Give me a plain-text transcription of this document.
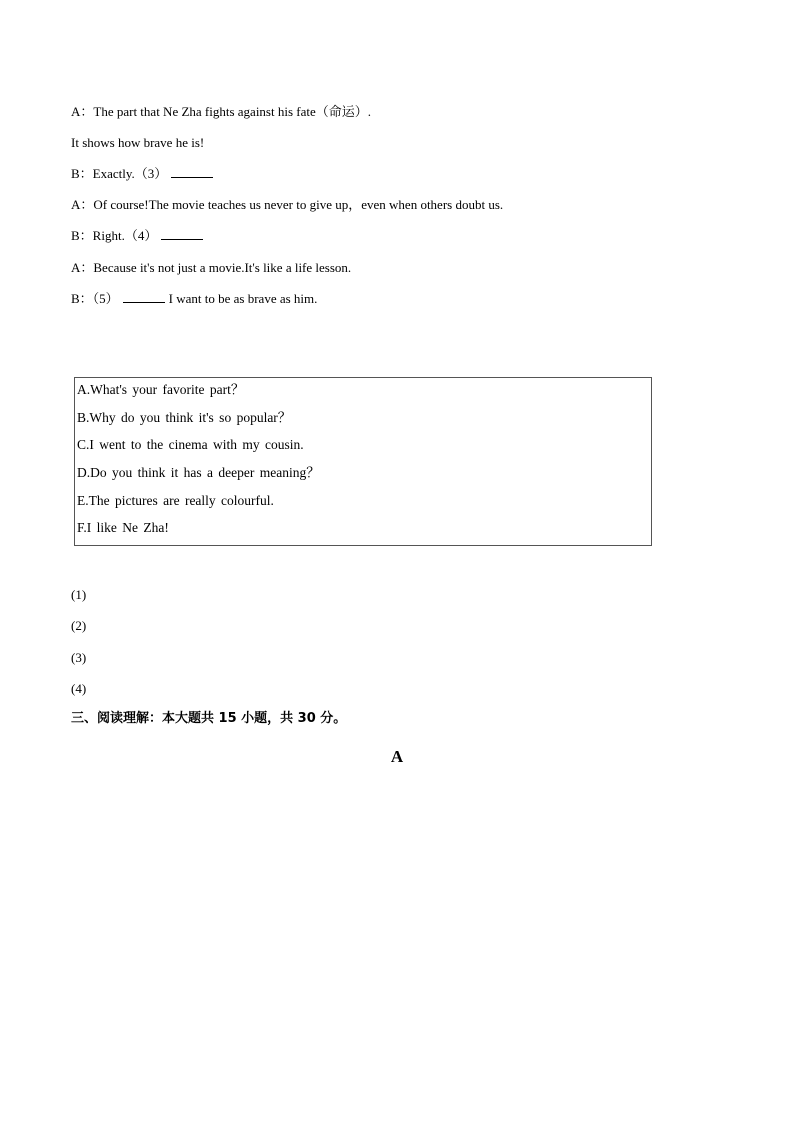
A：The part that Ne Zha fights against his fate（命运）.
It shows how brave he is!
B：Exactly.（3）
A：Of course!The movie teaches us never to give up，even when others doubt us.
B：Right.（4）
A：Because it's not just a movie.It's like a life lesson.
B：（5）	I want to be as brave as him.
A.What's your favorite part？
B.Why do you think it's so popular？
C.I went to the cinema with my cousin.
D.Do you think it has a deeper meaning？
E.The pictures are really colourful.
F.I like Ne Zha!
(1)
(2)
(3)
(4)
三、阅读理解：本大题共 15 小题，共 30 分。
A
